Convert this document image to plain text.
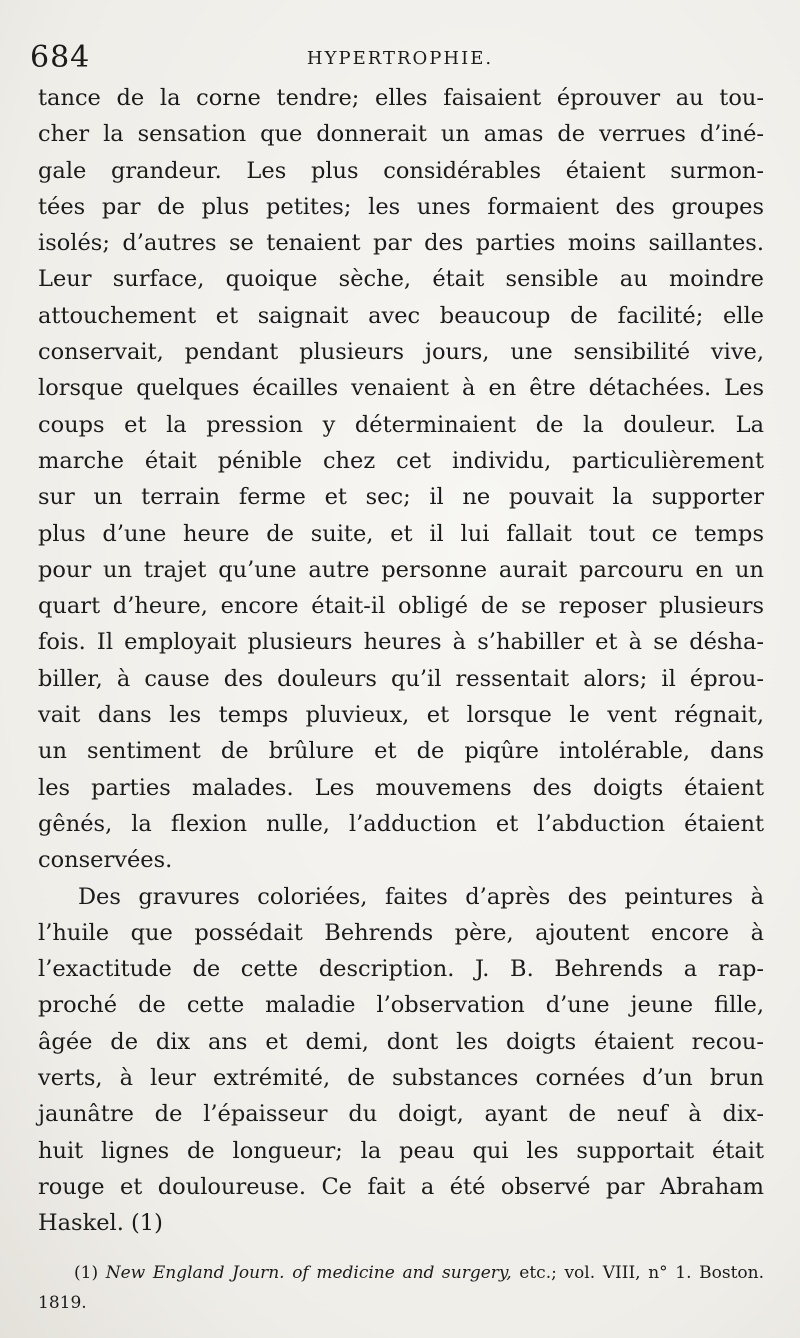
684	HYPERTROPHIE.
tance de la corne tendre; elles faisaient éprouver au tou-
cher la sensation que donnerait un amas de verrues d’iné-
gale grandeur. Les plus considérables étaient surmon-
tées par de plus petites; les unes formaient des groupes
isolés; d’autres se tenaient par des parties moins saillantes.
Leur surface, quoique sèche, était sensible au moindre
attouchement et saignait avec beaucoup de facilité; elle
conservait, pendant plusieurs jours, une sensibilité vive,
lorsque quelques écailles venaient à en être détachées. Les
coups et la pression y déterminaient de la douleur. La
marche était pénible chez cet individu, particulièrement
sur un terrain ferme et sec; il ne pouvait la supporter
plus d’une heure de suite, et il lui fallait tout ce temps
pour un trajet qu’une autre personne aurait parcouru en un
quart d’heure, encore était-il obligé de se reposer plusieurs
fois. Il employait plusieurs heures à s’habiller et à se désha-
biller, à cause des douleurs qu’il ressentait alors; il éprou-
vait dans les temps pluvieux, et lorsque le vent régnait,
un sentiment de brûlure et de piqûre intolérable, dans
les parties malades. Les mouvemens des doigts étaient
gênés, la flexion nulle, l’adduction et l’abduction étaient
conservées.
Des gravures coloriées, faites d’après des peintures à
l’huile que possédait Behrends père, ajoutent encore à
l’exactitude de cette description. J. B. Behrends a rap-
proché de cette maladie l’observation d’une jeune fille,
âgée de dix ans et demi, dont les doigts étaient recou-
verts, à leur extrémité, de substances cornées d’un brun
jaunâtre de l’épaisseur du doigt, ayant de neuf à dix-
huit lignes de longueur; la peau qui les supportait était
rouge et douloureuse. Ce fait a été observé par Abraham
Haskel. (1)
(1) New England Journ. of medicine and surgery, etc.; vol. VIII, n° 1. Boston.
1819.
